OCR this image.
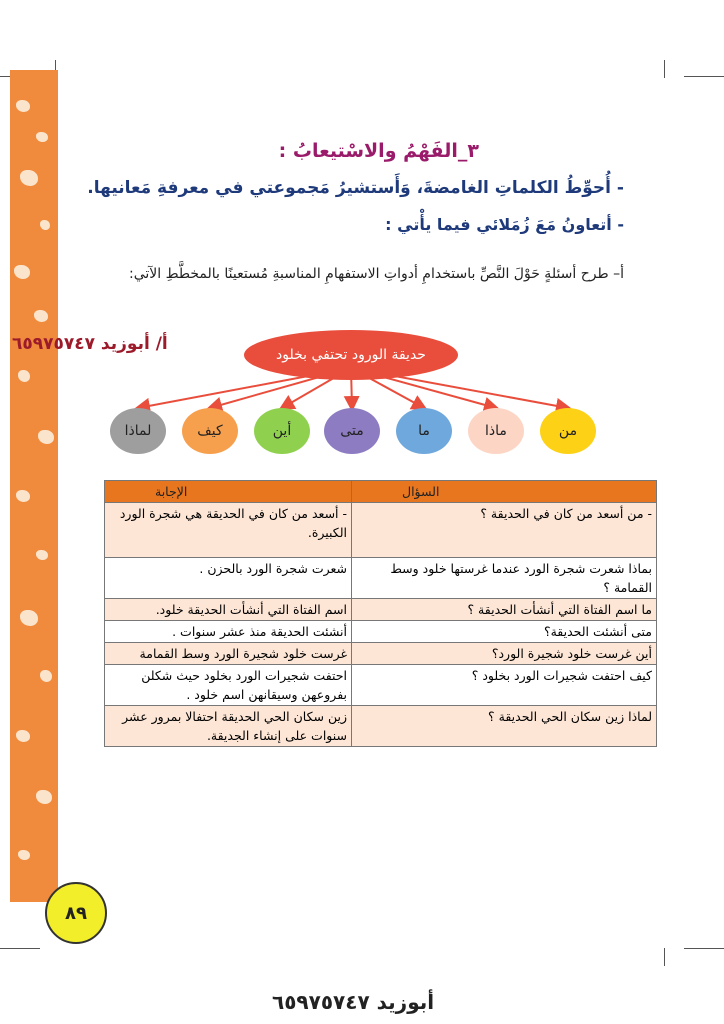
٣_الفَهْمُ والاسْتيعابُ :
- أُحوِّطُ الكلماتِ الغامضةَ، وَأَستشيرُ مَجموعتي في معرفةِ مَعانيها.
- أتعاونُ مَعَ زُمَلائي فيما يأْتي :
أ– طرح أسئلةٍ حَوْلَ النَّصِّ باستخدامِ أدواتِ الاستفهامِ المناسبةِ مُستعينًا بالمخطَّطِ الآتي:
أ/ أبوزيد ٦٥٩٧٥٧٤٧
حديقة الورود تحتفي بخلود
من
ماذا
ما
متى
أين
كيف
لماذا
السؤال	الإجابة
- من أسعد من كان في الحديقة ؟	- أسعد من كان في الحديقة هي شجرة الورد الكبيرة.
بماذا شعرت شجرة الورد عندما غرستها خلود وسط القمامة ؟	شعرت شجرة الورد بالحزن .
ما اسم الفتاة التي أنشأت الحديقة ؟	اسم الفتاة التي أنشأت الحديقة خلود.
متى أنشئت الحديقة؟	أنشئت الحديقة منذ عشر سنوات .
أين غرست خلود شجيرة الورد؟	غرست خلود شجيرة الورد وسط القمامة
كيف احتفت شجيرات الورد بخلود ؟	احتفت شجيرات الورد بخلود حيث شكلن بفروعهن وسيقانهن اسم خلود .
لماذا زين سكان الحي الحديقة ؟	زين سكان الحي الحديقة احتفالا بمرور عشر سنوات على إنشاء الجديقة.
٨٩
أبوزيد ٦٥٩٧٥٧٤٧
